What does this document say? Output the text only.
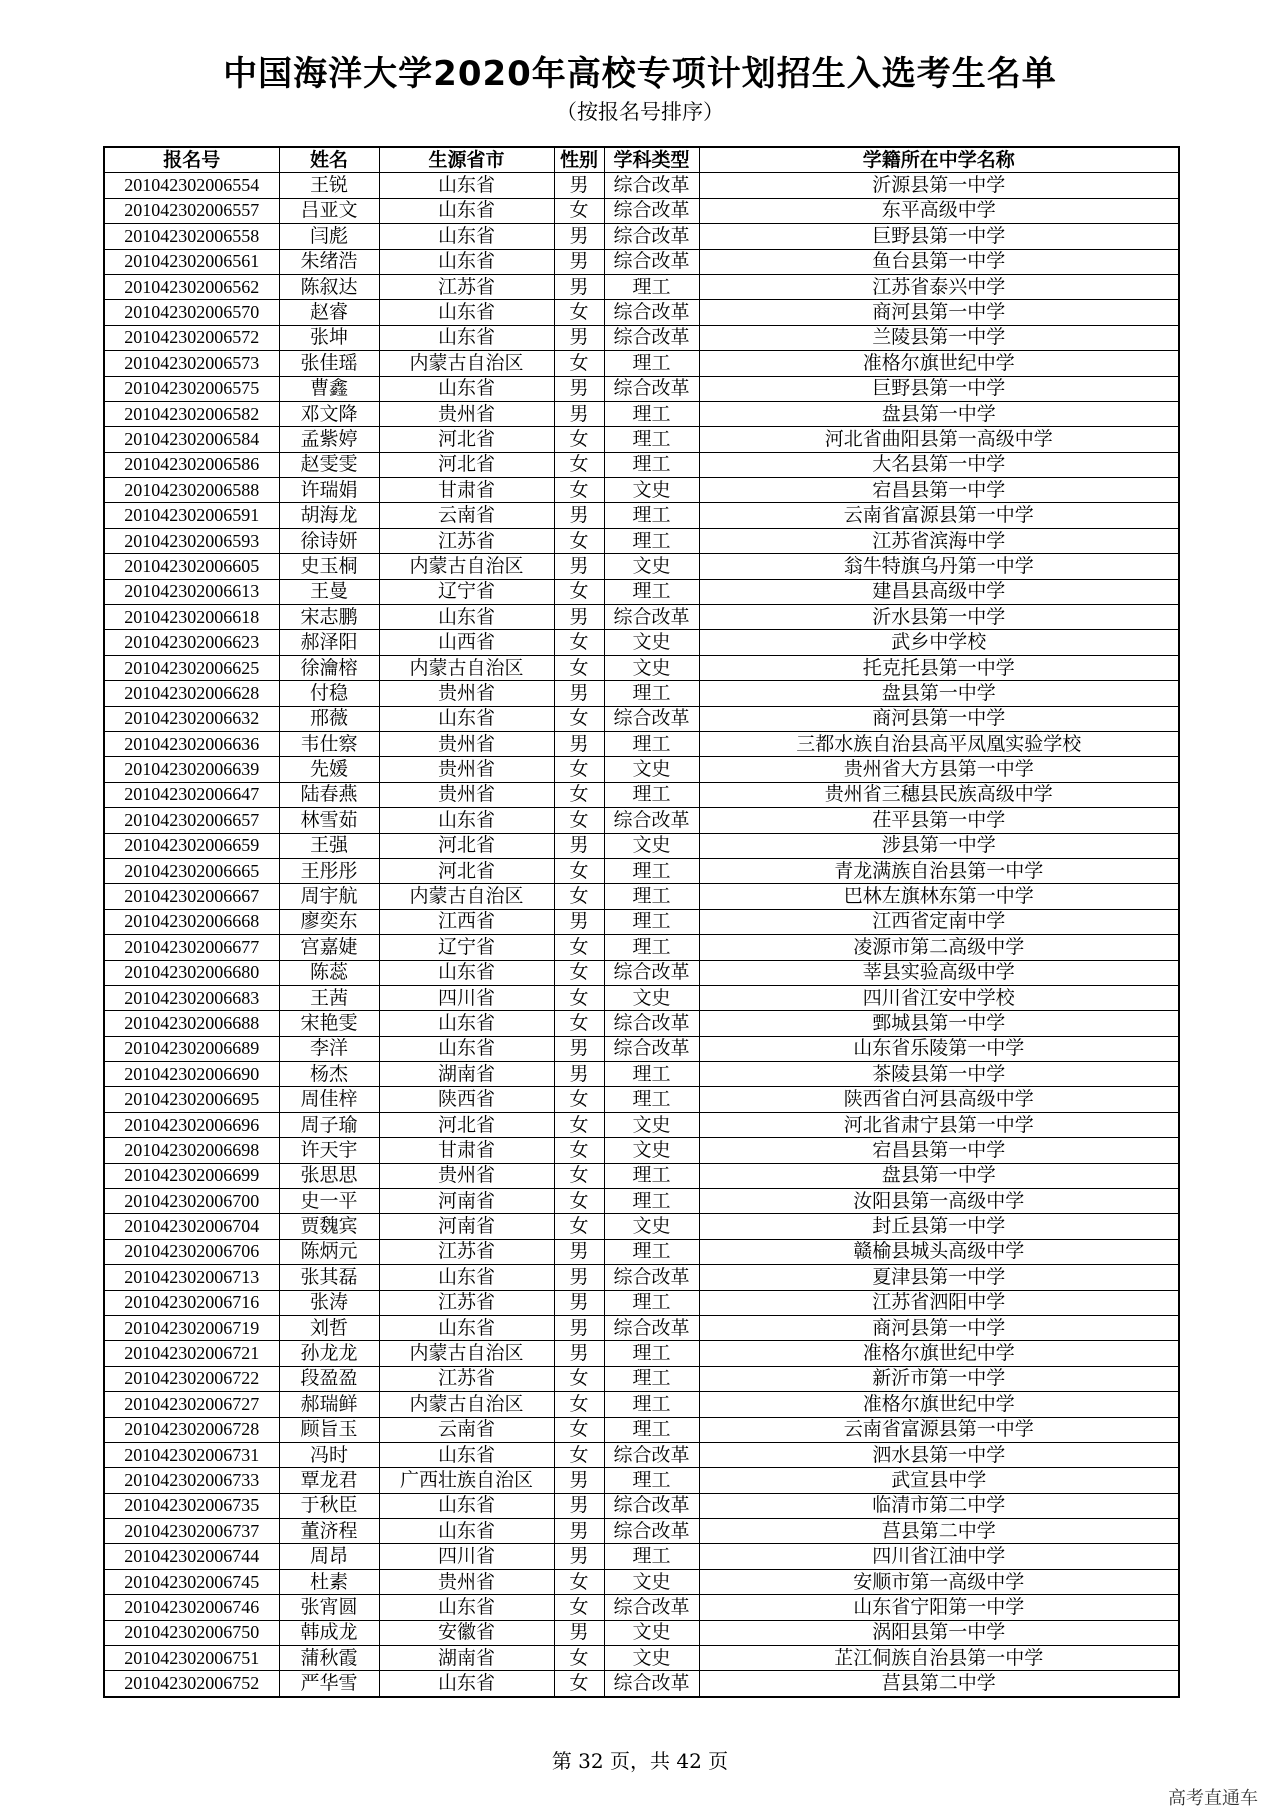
中国海洋大学2020年高校专项计划招生入选考生名单
（按报名号排序）
报名号	姓名	生源省市	性别	学科类型	学籍所在中学名称
201042302006554	王锐	山东省	男	综合改革	沂源县第一中学
201042302006557	吕亚文	山东省	女	综合改革	东平高级中学
201042302006558	闫彪	山东省	男	综合改革	巨野县第一中学
201042302006561	朱绪浩	山东省	男	综合改革	鱼台县第一中学
201042302006562	陈叙达	江苏省	男	理工	江苏省泰兴中学
201042302006570	赵睿	山东省	女	综合改革	商河县第一中学
201042302006572	张坤	山东省	男	综合改革	兰陵县第一中学
201042302006573	张佳瑶	内蒙古自治区	女	理工	准格尔旗世纪中学
201042302006575	曹鑫	山东省	男	综合改革	巨野县第一中学
201042302006582	邓文降	贵州省	男	理工	盘县第一中学
201042302006584	孟紫婷	河北省	女	理工	河北省曲阳县第一高级中学
201042302006586	赵雯雯	河北省	女	理工	大名县第一中学
201042302006588	许瑞娟	甘肃省	女	文史	宕昌县第一中学
201042302006591	胡海龙	云南省	男	理工	云南省富源县第一中学
201042302006593	徐诗妍	江苏省	女	理工	江苏省滨海中学
201042302006605	史玉桐	内蒙古自治区	男	文史	翁牛特旗乌丹第一中学
201042302006613	王曼	辽宁省	女	理工	建昌县高级中学
201042302006618	宋志鹏	山东省	男	综合改革	沂水县第一中学
201042302006623	郝泽阳	山西省	女	文史	武乡中学校
201042302006625	徐瀹榕	内蒙古自治区	女	文史	托克托县第一中学
201042302006628	付稳	贵州省	男	理工	盘县第一中学
201042302006632	邢薇	山东省	女	综合改革	商河县第一中学
201042302006636	韦仕察	贵州省	男	理工	三都水族自治县高平凤凰实验学校
201042302006639	先媛	贵州省	女	文史	贵州省大方县第一中学
201042302006647	陆春燕	贵州省	女	理工	贵州省三穗县民族高级中学
201042302006657	林雪茹	山东省	女	综合改革	茌平县第一中学
201042302006659	王强	河北省	男	文史	涉县第一中学
201042302006665	王彤彤	河北省	女	理工	青龙满族自治县第一中学
201042302006667	周宇航	内蒙古自治区	女	理工	巴林左旗林东第一中学
201042302006668	廖奕东	江西省	男	理工	江西省定南中学
201042302006677	宫嘉婕	辽宁省	女	理工	凌源市第二高级中学
201042302006680	陈蕊	山东省	女	综合改革	莘县实验高级中学
201042302006683	王茜	四川省	女	文史	四川省江安中学校
201042302006688	宋艳雯	山东省	女	综合改革	鄄城县第一中学
201042302006689	李洋	山东省	男	综合改革	山东省乐陵第一中学
201042302006690	杨杰	湖南省	男	理工	茶陵县第一中学
201042302006695	周佳梓	陕西省	女	理工	陕西省白河县高级中学
201042302006696	周子瑜	河北省	女	文史	河北省肃宁县第一中学
201042302006698	许天宇	甘肃省	女	文史	宕昌县第一中学
201042302006699	张思思	贵州省	女	理工	盘县第一中学
201042302006700	史一平	河南省	女	理工	汝阳县第一高级中学
201042302006704	贾魏宾	河南省	女	文史	封丘县第一中学
201042302006706	陈炳元	江苏省	男	理工	赣榆县城头高级中学
201042302006713	张其磊	山东省	男	综合改革	夏津县第一中学
201042302006716	张涛	江苏省	男	理工	江苏省泗阳中学
201042302006719	刘哲	山东省	男	综合改革	商河县第一中学
201042302006721	孙龙龙	内蒙古自治区	男	理工	准格尔旗世纪中学
201042302006722	段盈盈	江苏省	女	理工	新沂市第一中学
201042302006727	郝瑞鲜	内蒙古自治区	女	理工	准格尔旗世纪中学
201042302006728	顾旨玉	云南省	女	理工	云南省富源县第一中学
201042302006731	冯时	山东省	女	综合改革	泗水县第一中学
201042302006733	覃龙君	广西壮族自治区	男	理工	武宣县中学
201042302006735	于秋臣	山东省	男	综合改革	临清市第二中学
201042302006737	董济程	山东省	男	综合改革	莒县第二中学
201042302006744	周昂	四川省	男	理工	四川省江油中学
201042302006745	杜素	贵州省	女	文史	安顺市第一高级中学
201042302006746	张宵圆	山东省	女	综合改革	山东省宁阳第一中学
201042302006750	韩成龙	安徽省	男	文史	涡阳县第一中学
201042302006751	蒲秋霞	湖南省	女	文史	芷江侗族自治县第一中学
201042302006752	严华雪	山东省	女	综合改革	莒县第二中学
第 32 页，共 42 页
高考直通车
